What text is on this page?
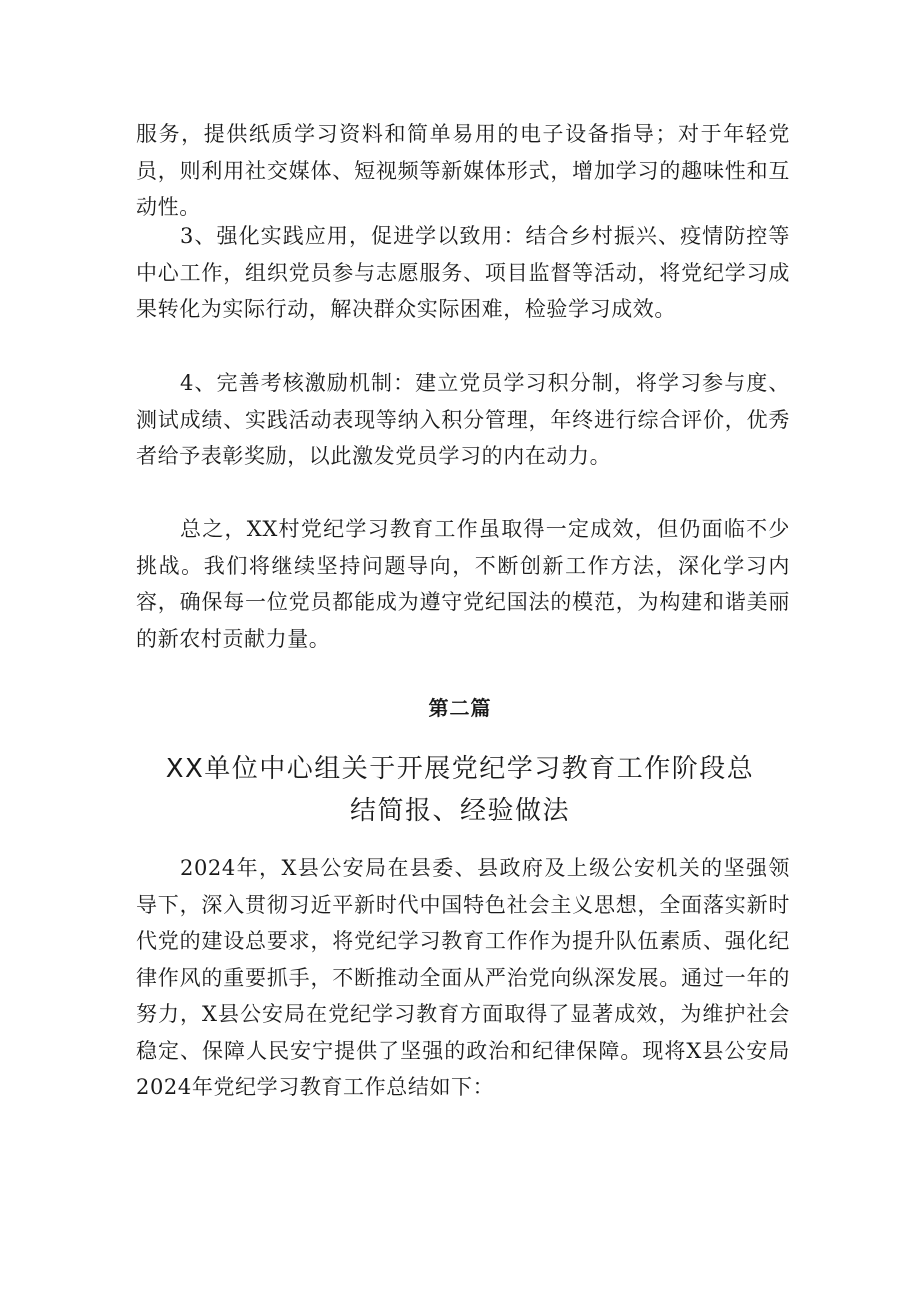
服务，提供纸质学习资料和简单易用的电子设备指导；对于年轻党员，则利用社交媒体、短视频等新媒体形式，增加学习的趣味性和互动性。

3、强化实践应用，促进学以致用：结合乡村振兴、疫情防控等中心工作，组织党员参与志愿服务、项目监督等活动，将党纪学习成果转化为实际行动，解决群众实际困难，检验学习成效。

4、完善考核激励机制：建立党员学习积分制，将学习参与度、测试成绩、实践活动表现等纳入积分管理，年终进行综合评价，优秀者给予表彰奖励，以此激发党员学习的内在动力。

总之，XX村党纪学习教育工作虽取得一定成效，但仍面临不少挑战。我们将继续坚持问题导向，不断创新工作方法，深化学习内容，确保每一位党员都能成为遵守党纪国法的模范，为构建和谐美丽的新农村贡献力量。

第二篇

XX单位中心组关于开展党纪学习教育工作阶段总
结简报、经验做法

2024年，X县公安局在县委、县政府及上级公安机关的坚强领导下，深入贯彻习近平新时代中国特色社会主义思想，全面落实新时代党的建设总要求，将党纪学习教育工作作为提升队伍素质、强化纪律作风的重要抓手，不断推动全面从严治党向纵深发展。通过一年的努力，X县公安局在党纪学习教育方面取得了显著成效，为维护社会稳定、保障人民安宁提供了坚强的政治和纪律保障。现将X县公安局2024年党纪学习教育工作总结如下：
